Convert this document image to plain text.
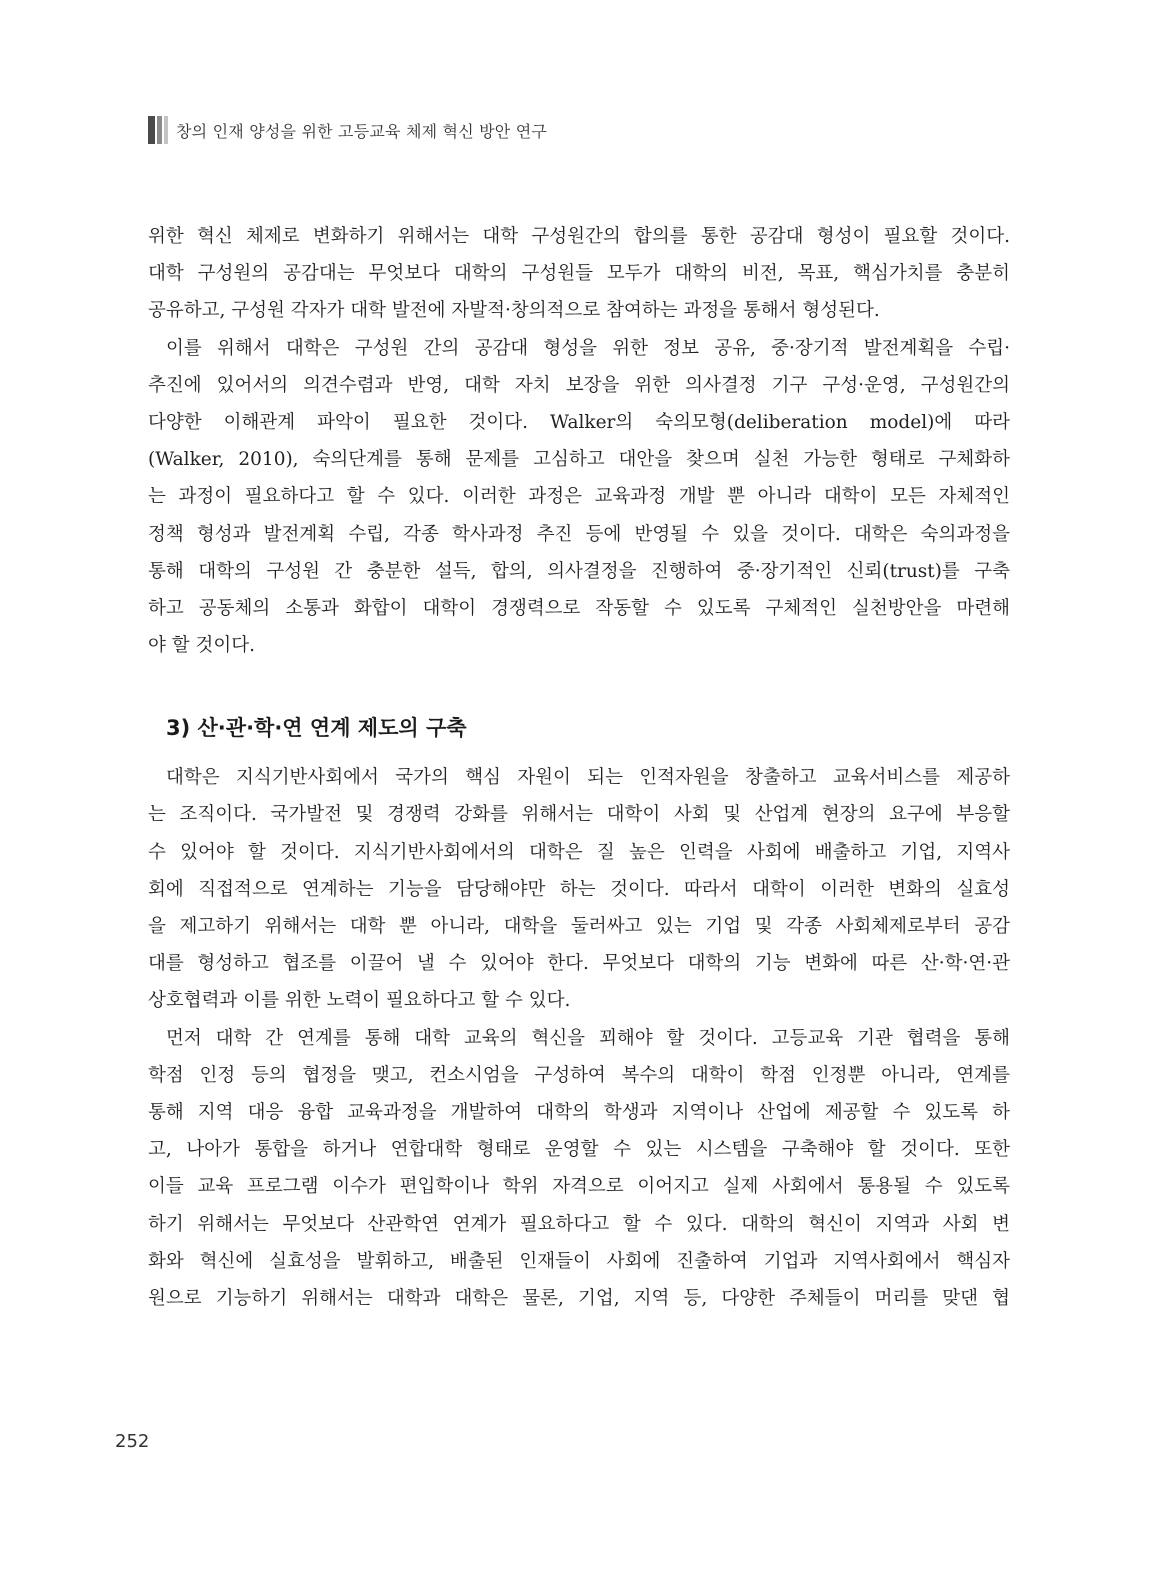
창의 인재 양성을 위한 고등교육 체제 혁신 방안 연구
위한 혁신 체제로 변화하기 위해서는 대학 구성원간의 합의를 통한 공감대 형성이 필요할 것이다.
대학 구성원의 공감대는 무엇보다 대학의 구성원들 모두가 대학의 비전, 목표, 핵심가치를 충분히
공유하고, 구성원 각자가 대학 발전에 자발적·창의적으로 참여하는 과정을 통해서 형성된다.
이를 위해서 대학은 구성원 간의 공감대 형성을 위한 정보 공유, 중·장기적 발전계획을 수립·
추진에 있어서의 의견수렴과 반영, 대학 자치 보장을 위한 의사결정 기구 구성·운영, 구성원간의
다양한 이해관계 파악이 필요한 것이다. Walker의 숙의모형(deliberation model)에 따라
(Walker, 2010), 숙의단계를 통해 문제를 고심하고 대안을 찾으며 실천 가능한 형태로 구체화하
는 과정이 필요하다고 할 수 있다. 이러한 과정은 교육과정 개발 뿐 아니라 대학이 모든 자체적인
정책 형성과 발전계획 수립, 각종 학사과정 추진 등에 반영될 수 있을 것이다. 대학은 숙의과정을
통해 대학의 구성원 간 충분한 설득, 합의, 의사결정을 진행하여 중·장기적인 신뢰(trust)를 구축
하고 공동체의 소통과 화합이 대학이 경쟁력으로 작동할 수 있도록 구체적인 실천방안을 마련해
야 할 것이다.
3) 산·관·학·연 연계 제도의 구축
대학은 지식기반사회에서 국가의 핵심 자원이 되는 인적자원을 창출하고 교육서비스를 제공하
는 조직이다. 국가발전 및 경쟁력 강화를 위해서는 대학이 사회 및 산업계 현장의 요구에 부응할
수 있어야 할 것이다. 지식기반사회에서의 대학은 질 높은 인력을 사회에 배출하고 기업, 지역사
회에 직접적으로 연계하는 기능을 담당해야만 하는 것이다. 따라서 대학이 이러한 변화의 실효성
을 제고하기 위해서는 대학 뿐 아니라, 대학을 둘러싸고 있는 기업 및 각종 사회체제로부터 공감
대를 형성하고 협조를 이끌어 낼 수 있어야 한다. 무엇보다 대학의 기능 변화에 따른 산·학·연·관
상호협력과 이를 위한 노력이 필요하다고 할 수 있다.
먼저 대학 간 연계를 통해 대학 교육의 혁신을 꾀해야 할 것이다. 고등교육 기관 협력을 통해
학점 인정 등의 협정을 맺고, 컨소시엄을 구성하여 복수의 대학이 학점 인정뿐 아니라, 연계를
통해 지역 대응 융합 교육과정을 개발하여 대학의 학생과 지역이나 산업에 제공할 수 있도록 하
고, 나아가 통합을 하거나 연합대학 형태로 운영할 수 있는 시스템을 구축해야 할 것이다. 또한
이들 교육 프로그램 이수가 편입학이나 학위 자격으로 이어지고 실제 사회에서 통용될 수 있도록
하기 위해서는 무엇보다 산관학연 연계가 필요하다고 할 수 있다. 대학의 혁신이 지역과 사회 변
화와 혁신에 실효성을 발휘하고, 배출된 인재들이 사회에 진출하여 기업과 지역사회에서 핵심자
원으로 기능하기 위해서는 대학과 대학은 물론, 기업, 지역 등, 다양한 주체들이 머리를 맞댄 협
252
